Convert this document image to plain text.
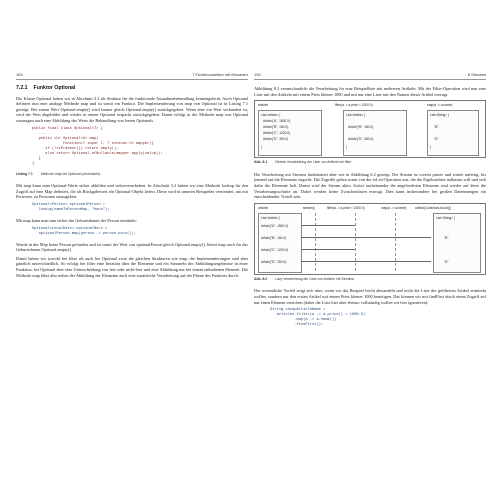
154	7 Funktionsketten mit Monaden
7.2.1 Funktor Optional

Die Klasse Optional haben wir in Abschnitt 3.3 als Struktur für die funktionale Ausnahmebehandlung kennengelernt. Auch Optional definiert nun eine analoge Methode map und ist somit ein Funktor. Die Implementierung von map von Optional ist in Listing 7.1 gezeigt. Bei einem Wert Optional.empty() wird immer gleich Optional.empty() zurückgegeben. Wenn aber ein Wert vorhanden ist, wird der Wert abgebildet und wieder in einem Optional verpackt zurückgegeben. Damit erfolgt in der Methode map von Optional sozusagen auch eine Abbildung des Werts die Behandlung von leeren Optionals.

public final class Optional<T> {
...
public <U> Optional<U> map(
Function<? super T, ? extends U> mapper){
if (!isPresent()) return empty();
else return Optional.ofNullable(mapper.apply(value));
}
}
Listing 7.1 Methode map bei Optional (vereinfacht)

Mit map kann man Optional-Werte sicher abbilden und weiterverarbeiten. In Abschnitt 3.2 haben wir eine Methode lookup für den Zugriff auf eine Map definiert, die als Rückgabewert ein Optional-Objekt liefert. Diese wird in unseren Beispielen verwendet, um mit Personen, zu Personen auszugeben:

Optional<Person> optionalPerson =
lookup(nameToPersonMap, "Hans");

Mit map kann man nun sicher das Geburtsdatum der Person ermitteln:

Optional<LocalDate> optionalBorn =
optionalPerson.map(person -> person.born());

Wurde in der Map keine Person gefunden und ist somit der Wert von optionalPerson gleich Optional.empty(), liefert map auch für das Geburtsdatum Optional.empty().

Damit haben wir sowohl bei filter als auch bei Optional zwar die gleichen Strukturen wie map, die Implementierungen sind aber gänzlich unterschiedlich. So erfolgt bei filter eine Iteration über die Elemente und ein Sammeln der Abbildungsergebnisse in einer Funktion, bei Optional aber eine Unterscheidung von leer oder nicht-leer und eine Abbildung nur bei einem enthaltenen Element. Die Methode map führt also neben der Abbildung der Elemente auch eine zusätzliche Verarbeitung auf der Ebene des Funktors durch.

192	8 Streams

Abbildung 8.3 veranschaulicht die Verarbeitung für eine Beispielliste mit mehreren Artikeln. Mit der Filter-Operation wird nun eine Liste mit den Artikeln mit einem Preis kleiner 1000 und mit nur eine Liste mit den Namen dieser Artikel erzeugt.

articles	filter(a -> a.price < 1000.0)	map(a -> a.name)
List<Article> [
Article("A", 1500.0),
Article("B", 150.0),
Article("C", 1200.0),
Article("D", 350.0)
]
List<Article> [
Article("B", 150.0),
Article("D", 350.0)
]
List<String> [
"B",
"D"
]
Abb. 8.1 Direkte Verarbeitung der Liste von Artikeln bei filter

Die Verarbeitung mit Streams funktioniert aber wie in Abbildung 8.2 gezeigt. Der Stream ist vorerst passiv und wartet unfertig, bis jemand auf die Elemente zugreift. Die Zugriffe gehen somit von der toList-Operation aus, die die Ergebnisliste aufbauen will und sich dafür die Elemente holt. Damit wird der Stream aktiv. Sofort nacheinander die angeforderten Elemente sind wieder auf diese die Verarbeitungsschritte an. Dabei werden keine Zwischenlisten erzeugt. Dies kann insbesondere bei großen Datenmengen ein entscheidender Vorteil sein.

articles	stream()	filter(a -> a.price < 1000.0)	map(a -> a.name)	collect(Collectors.toList())
List<Article> [
Article("A", 1500.0)
Article("B", 150.0)
Article("C", 1200.0)
Article("D", 350.0)
List<String> [
"B"
"D"
Abb. 8.2 Lazy Verarbeitung der Liste von Artikeln mit Streams

Der wesentliche Vorteil zeigt sich aber, wenn wir das Beispiel leicht abwandeln und nicht die Liste der gefilterten Artikel ermitteln wollen, sondern nur den ersten Artikel mit einem Preis kleiner 1000 benötigen. Das können wir mit findFirst durch einen Zugriff auf nur einen Element erreichen (dabei die Liste hier aber ebenso vollständig wollen wir hier ignorieren):

String cheapArticleName =
articles.filter(a -> a.price() < 1000.0)
.map(a -> a.name())
.findFirst();
